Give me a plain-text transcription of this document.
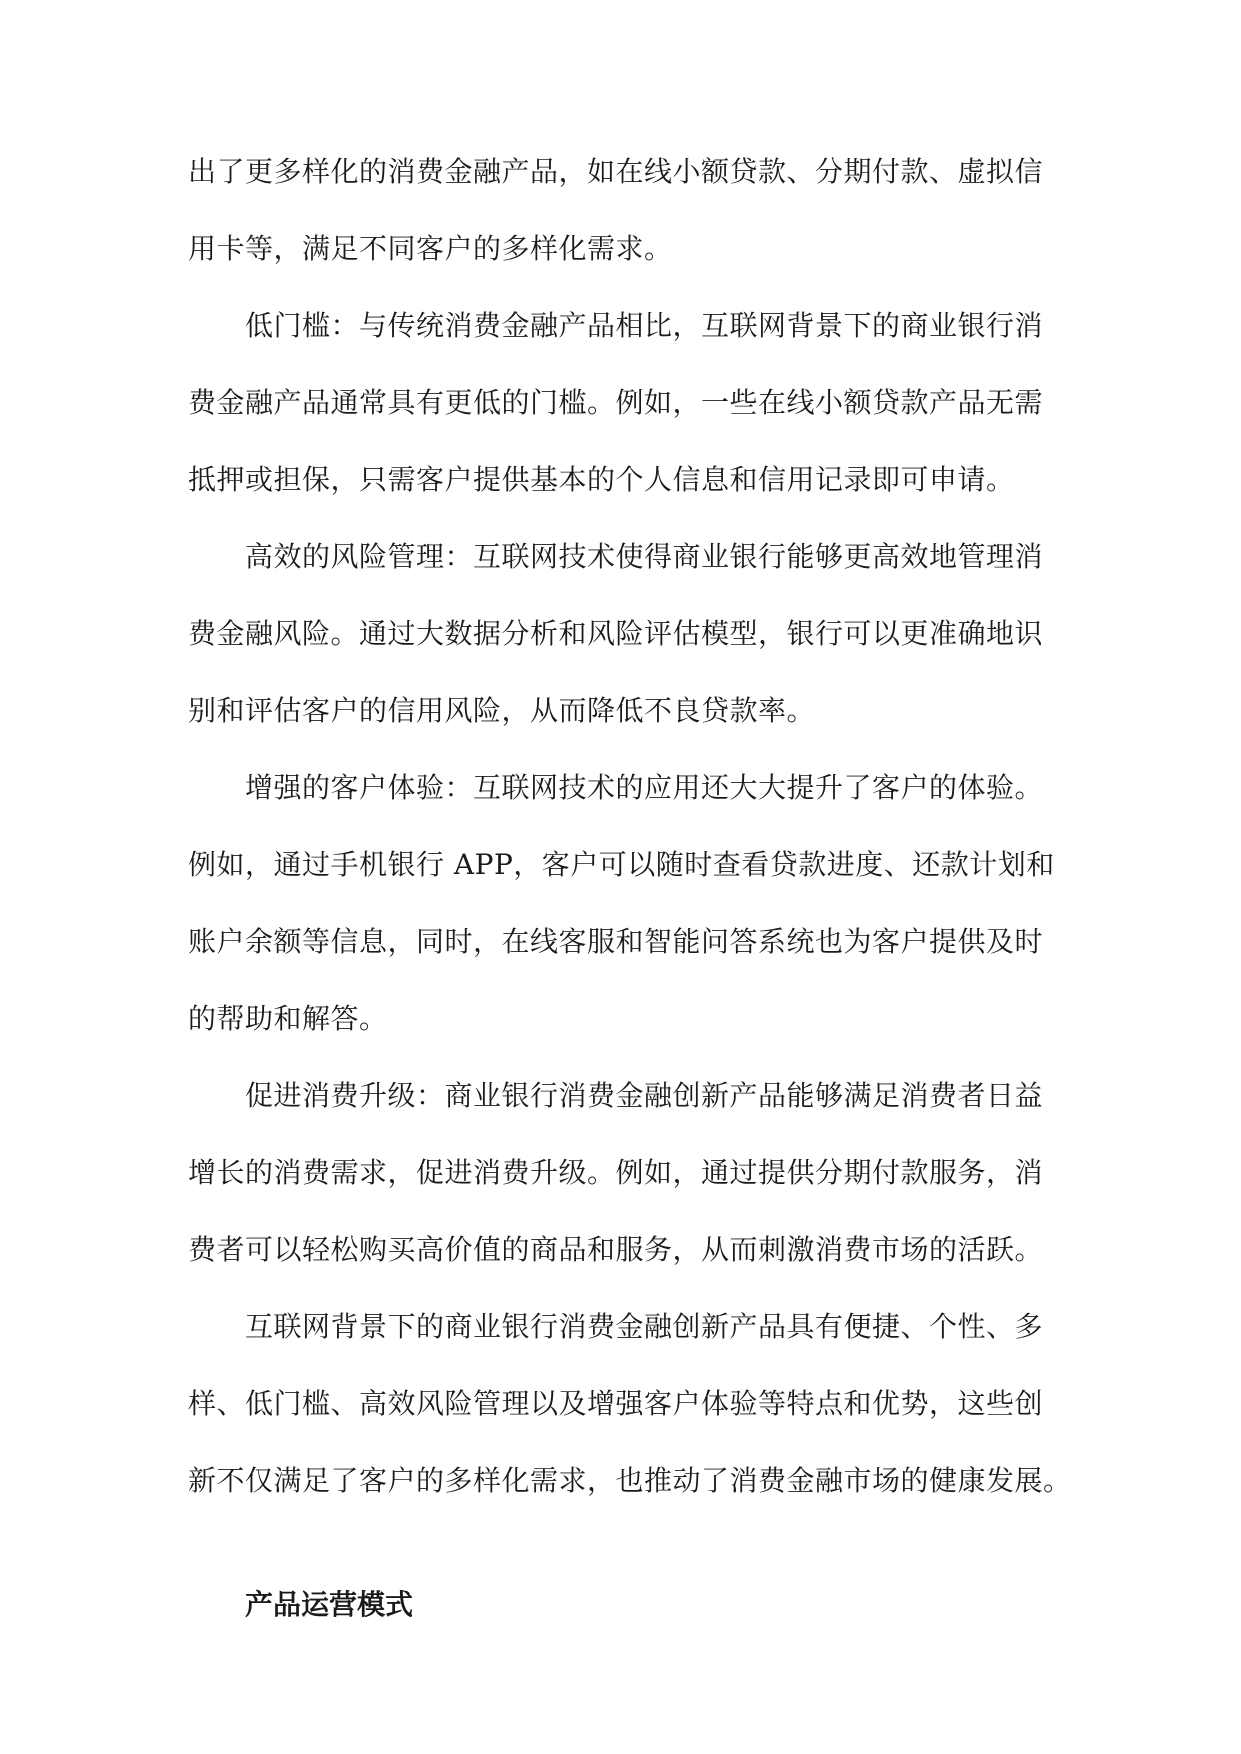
出了更多样化的消费金融产品，如在线小额贷款、分期付款、虚拟信
用卡等，满足不同客户的多样化需求。
低门槛：与传统消费金融产品相比，互联网背景下的商业银行消
费金融产品通常具有更低的门槛。例如，一些在线小额贷款产品无需
抵押或担保，只需客户提供基本的个人信息和信用记录即可申请。
高效的风险管理：互联网技术使得商业银行能够更高效地管理消
费金融风险。通过大数据分析和风险评估模型，银行可以更准确地识
别和评估客户的信用风险，从而降低不良贷款率。
增强的客户体验：互联网技术的应用还大大提升了客户的体验。
例如，通过手机银行 APP，客户可以随时查看贷款进度、还款计划和
账户余额等信息，同时，在线客服和智能问答系统也为客户提供及时
的帮助和解答。
促进消费升级：商业银行消费金融创新产品能够满足消费者日益
增长的消费需求，促进消费升级。例如，通过提供分期付款服务，消
费者可以轻松购买高价值的商品和服务，从而刺激消费市场的活跃。
互联网背景下的商业银行消费金融创新产品具有便捷、个性、多
样、低门槛、高效风险管理以及增强客户体验等特点和优势，这些创
新不仅满足了客户的多样化需求，也推动了消费金融市场的健康发展。
产品运营模式
